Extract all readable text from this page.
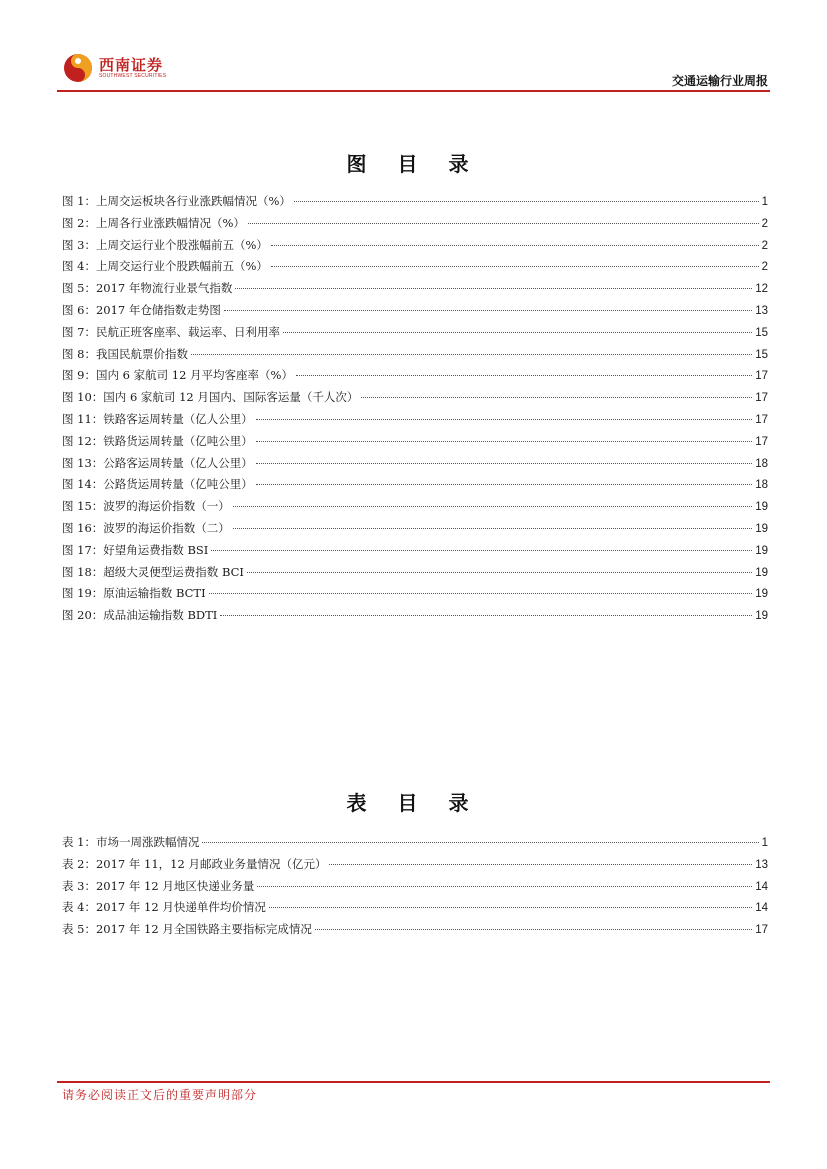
西南证券
SOUTHWEST SECURITIES	交通运输行业周报
图 目 录
图 1：上周交运板块各行业涨跌幅情况（%）	1
图 2：上周各行业涨跌幅情况（%）	2
图 3：上周交运行业个股涨幅前五（%）	2
图 4：上周交运行业个股跌幅前五（%）	2
图 5：2017 年物流行业景气指数	12
图 6：2017 年仓储指数走势图	13
图 7：民航正班客座率、载运率、日利用率	15
图 8：我国民航票价指数	15
图 9：国内 6 家航司 12 月平均客座率（%）	17
图 10：国内 6 家航司 12 月国内、国际客运量（千人次）	17
图 11：铁路客运周转量（亿人公里）	17
图 12：铁路货运周转量（亿吨公里）	17
图 13：公路客运周转量（亿人公里）	18
图 14：公路货运周转量（亿吨公里）	18
图 15：波罗的海运价指数（一）	19
图 16：波罗的海运价指数（二）	19
图 17：好望角运费指数 BSI	19
图 18：超级大灵便型运费指数 BCI	19
图 19：原油运输指数 BCTI	19
图 20：成品油运输指数 BDTI	19
表 目 录
表 1：市场一周涨跌幅情况	1
表 2：2017 年 11，12 月邮政业务量情况（亿元）	13
表 3：2017 年 12 月地区快递业务量	14
表 4：2017 年 12 月快递单件均价情况	14
表 5：2017 年 12 月全国铁路主要指标完成情况	17
请务必阅读正文后的重要声明部分
